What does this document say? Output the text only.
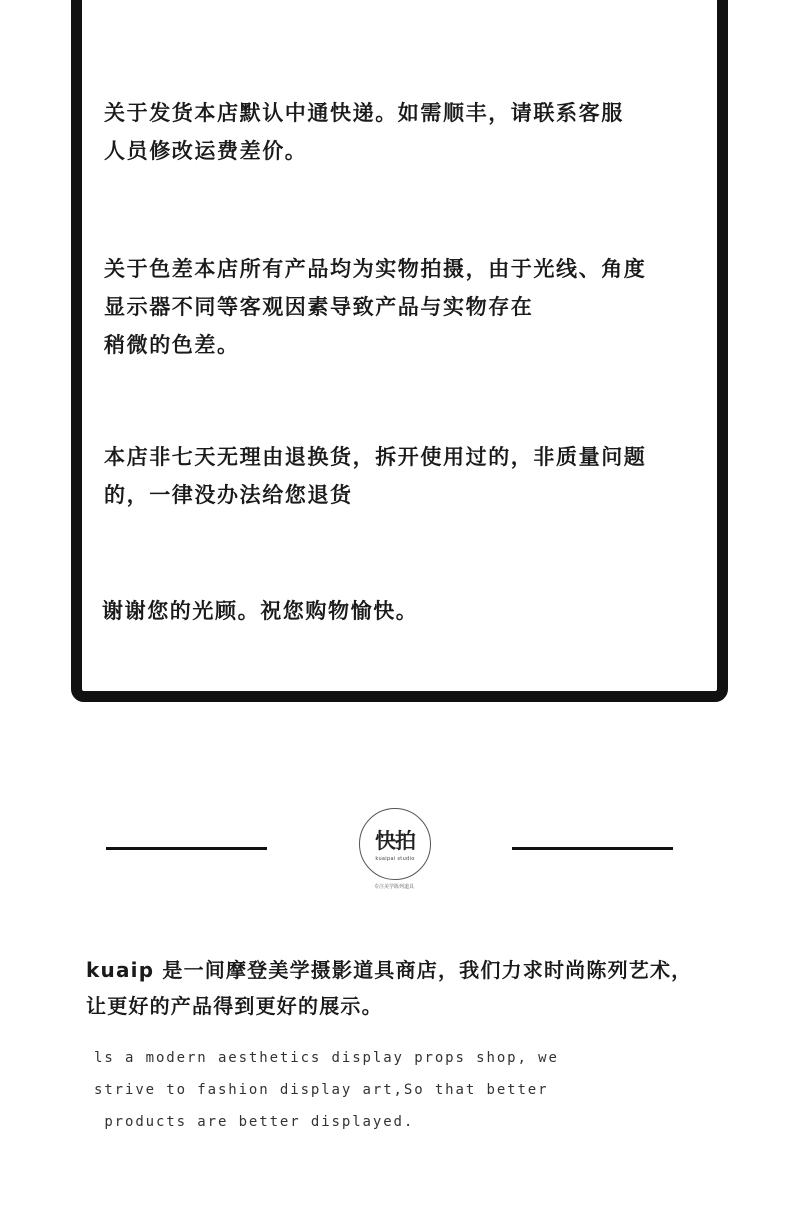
关于发货本店默认中通快递。如需顺丰，请联系客服
人员修改运费差价。

关于色差本店所有产品均为实物拍摄，由于光线、角度
显示器不同等客观因素导致产品与实物存在
稍微的色差。

本店非七天无理由退换货，拆开使用过的，非质量问题
的，一律没办法给您退货

谢谢您的光顾。祝您购物愉快。

快拍
kuaipai studio
专注美学陈列道具

kuaip 是一间摩登美学摄影道具商店，我们力求时尚陈列艺术，
让更好的产品得到更好的展示。

ls a modern aesthetics display props shop, we
strive to fashion display art,So that better
products are better displayed.
